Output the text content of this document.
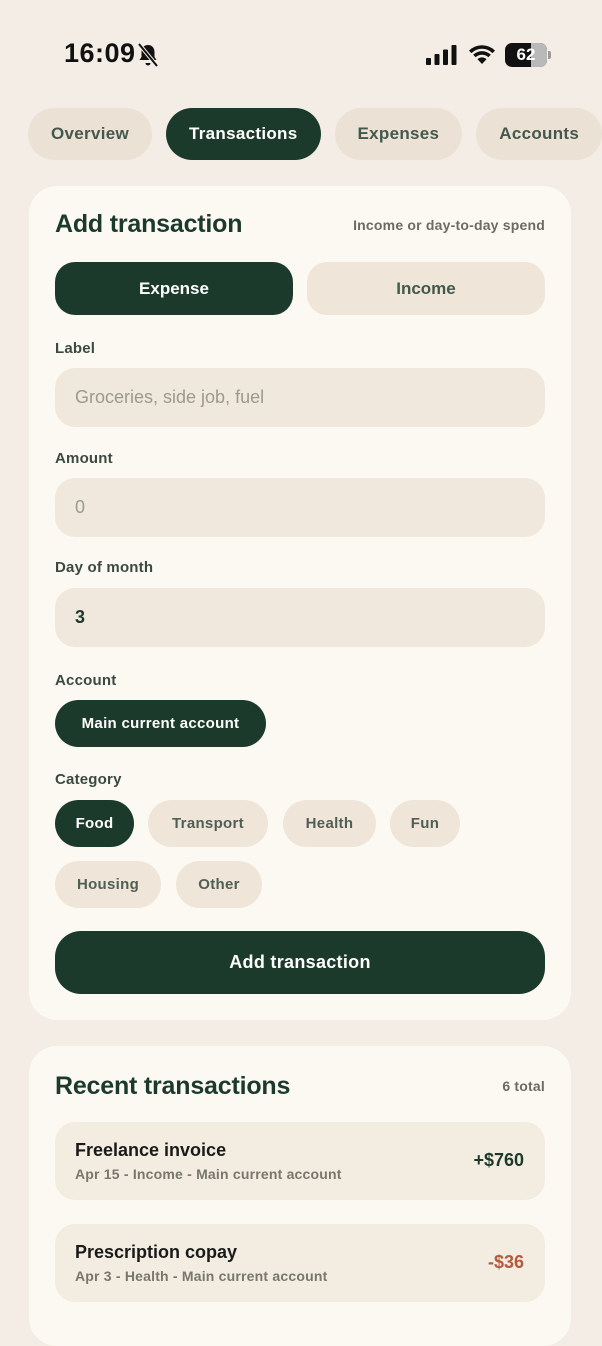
16:09	62
Overview	Transactions	Expenses	Accounts
Add transaction	Income or day-to-day spend
Expense	Income
Label
Groceries, side job, fuel
Amount
0
Day of month
3
Account
Main current account
Category
Food	Transport	Health	Fun
Housing	Other
Add transaction
Recent transactions	6 total
Freelance invoice
Apr 15 - Income - Main current account
+$760
Prescription copay
Apr 3 - Health - Main current account
-$36
